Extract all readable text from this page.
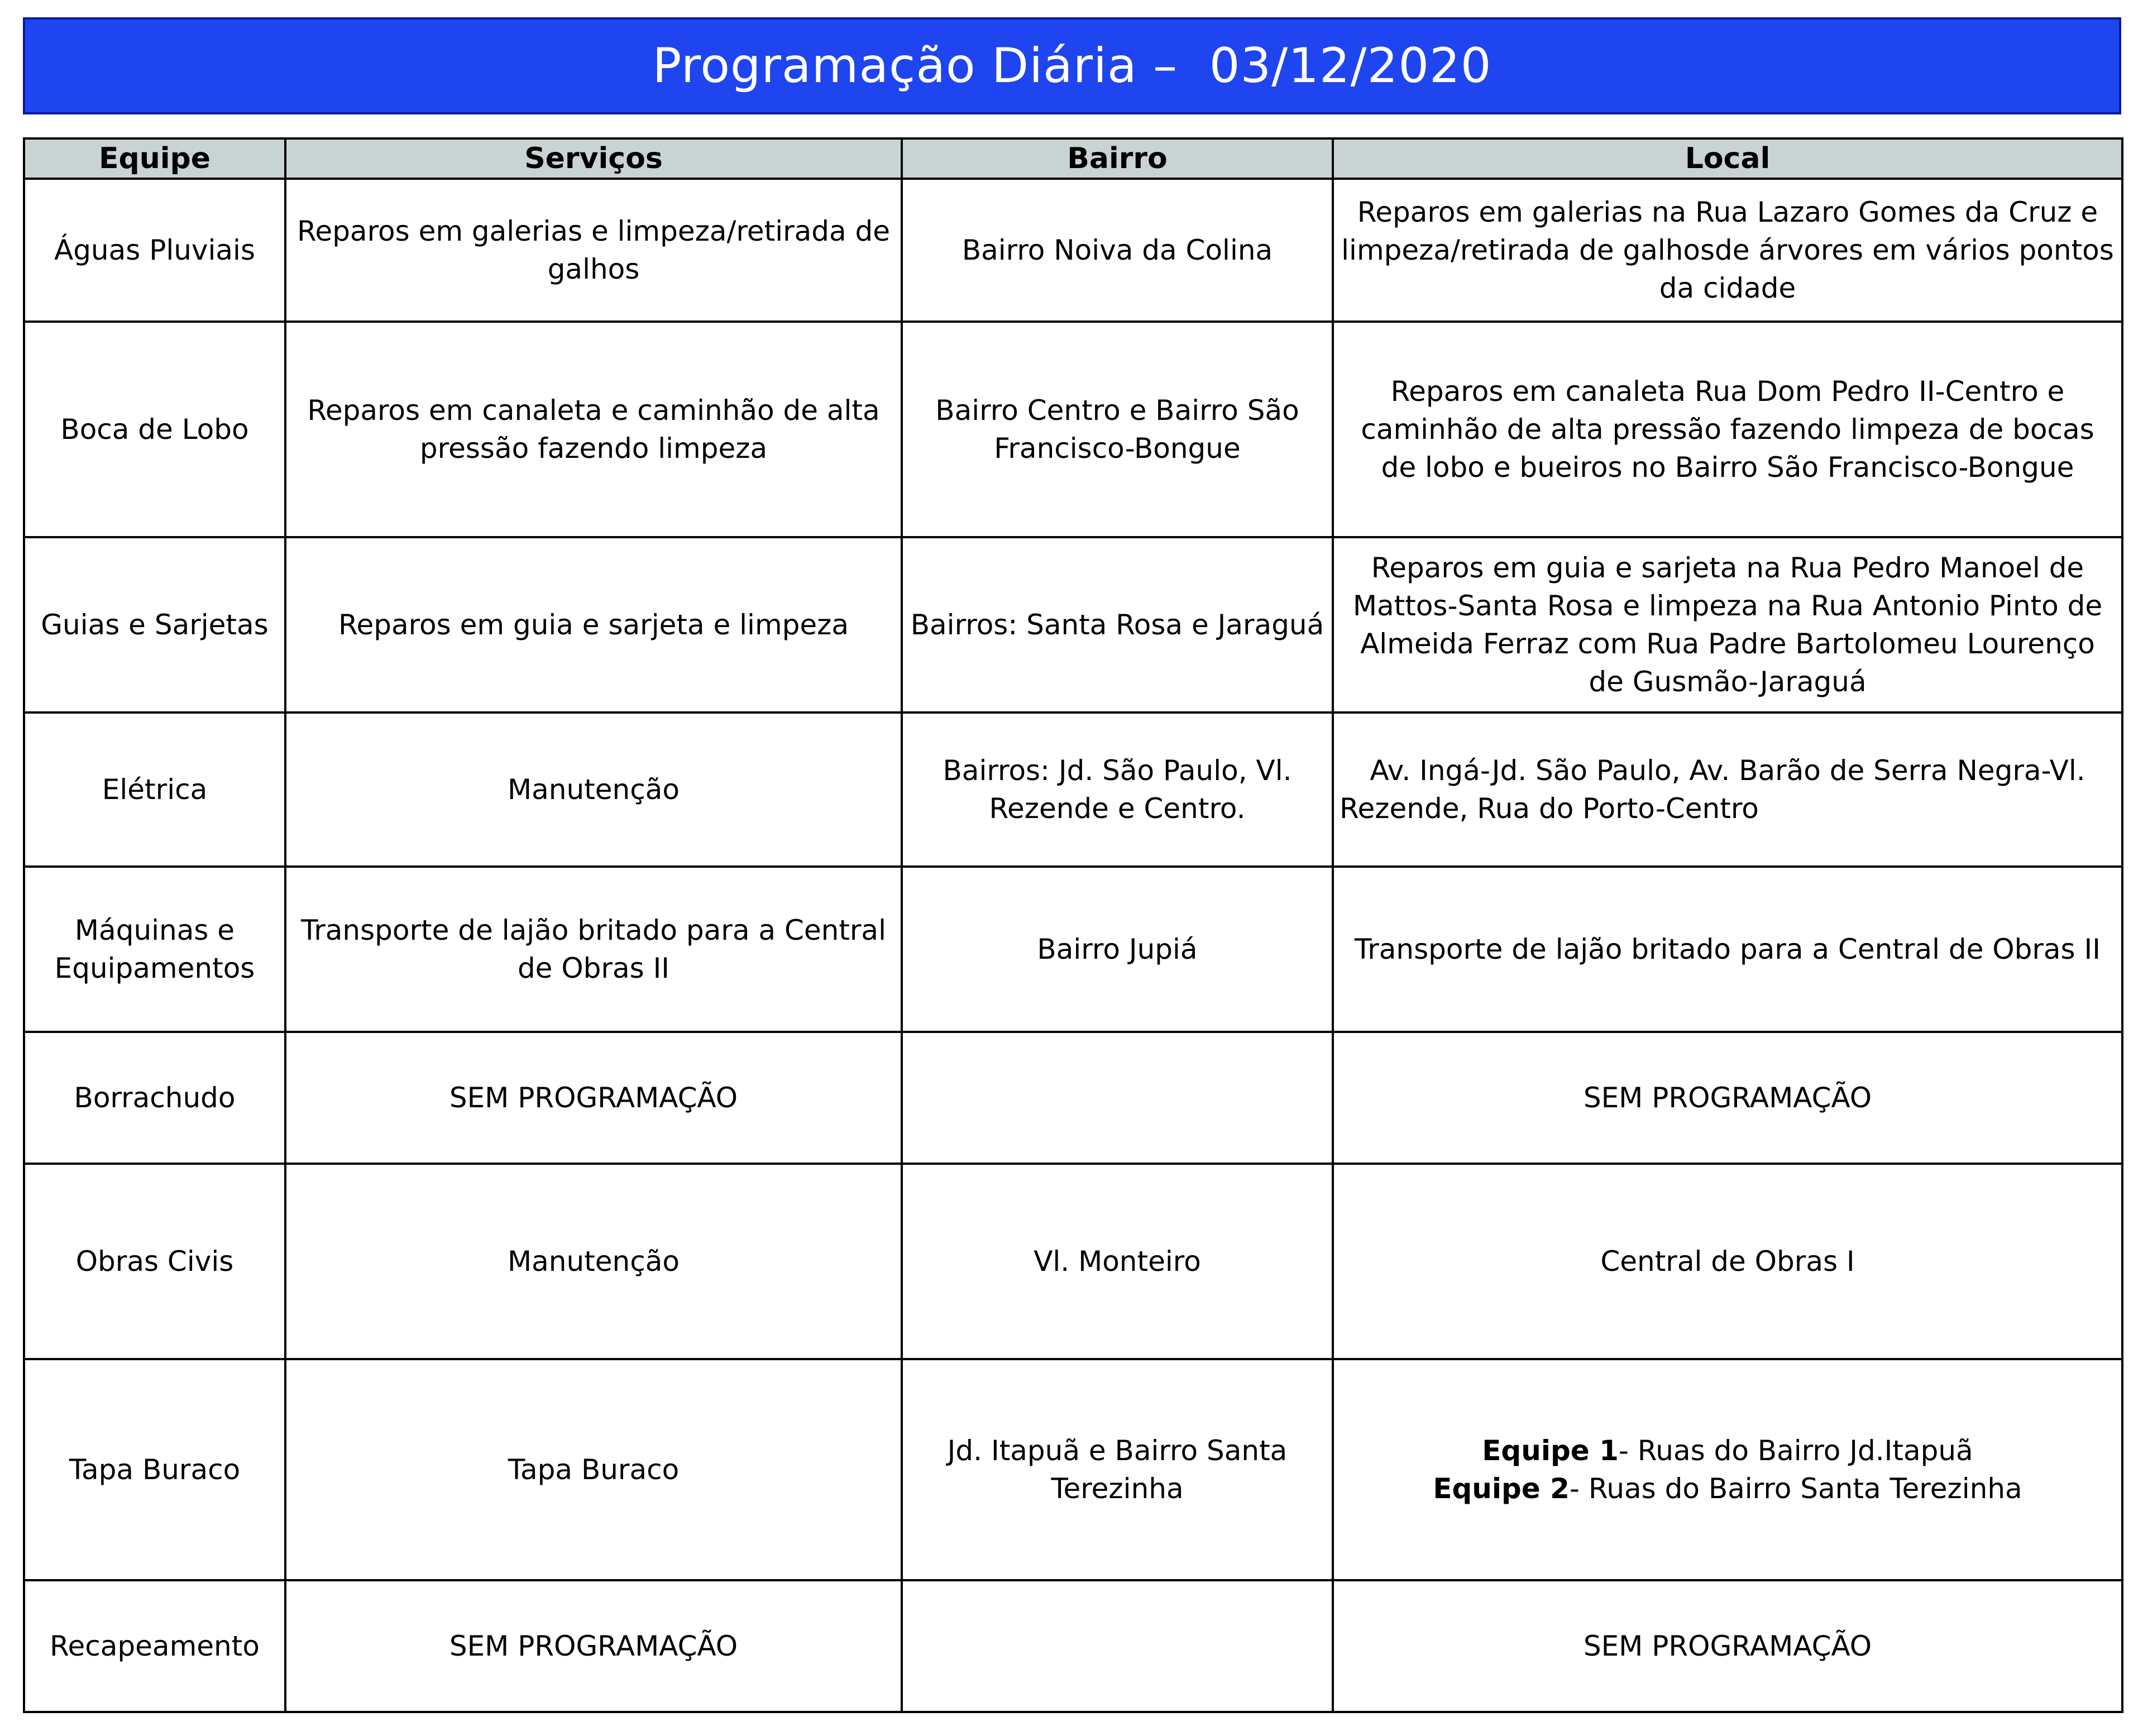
Programação Diária – 03/12/2020
Equipe	Serviços	Bairro	Local
Águas Pluviais	Reparos em galerias e limpeza/retirada de galhos	Bairro Noiva da Colina	Reparos em galerias na Rua Lazaro Gomes da Cruz e limpeza/retirada de galhosde árvores em vários pontos da cidade
Boca de Lobo	Reparos em canaleta e caminhão de alta pressão fazendo limpeza	Bairro Centro e Bairro São Francisco-Bongue	Reparos em canaleta Rua Dom Pedro II-Centro e caminhão de alta pressão fazendo limpeza de bocas de lobo e bueiros no Bairro São Francisco-Bongue
Guias e Sarjetas	Reparos em guia e sarjeta e limpeza	Bairros: Santa Rosa e Jaraguá	Reparos em guia e sarjeta na Rua Pedro Manoel de Mattos-Santa Rosa e limpeza na Rua Antonio Pinto de Almeida Ferraz com Rua Padre Bartolomeu Lourenço de Gusmão-Jaraguá
Elétrica	Manutenção	Bairros: Jd. São Paulo, Vl. Rezende e Centro.	Av. Ingá-Jd. São Paulo, Av. Barão de Serra Negra-Vl. Rezende, Rua do Porto-Centro
Máquinas e Equipamentos	Transporte de lajão britado para a Central de Obras II	Bairro Jupiá	Transporte de lajão britado para a Central de Obras II
Borrachudo	SEM PROGRAMAÇÃO		SEM PROGRAMAÇÃO
Obras Civis	Manutenção	Vl. Monteiro	Central de Obras I
Tapa Buraco	Tapa Buraco	Jd. Itapuã e Bairro Santa Terezinha	Equipe 1- Ruas do Bairro Jd.Itapuã
Equipe 2- Ruas do Bairro Santa Terezinha

Recapeamento	SEM PROGRAMAÇÃO		SEM PROGRAMAÇÃO
